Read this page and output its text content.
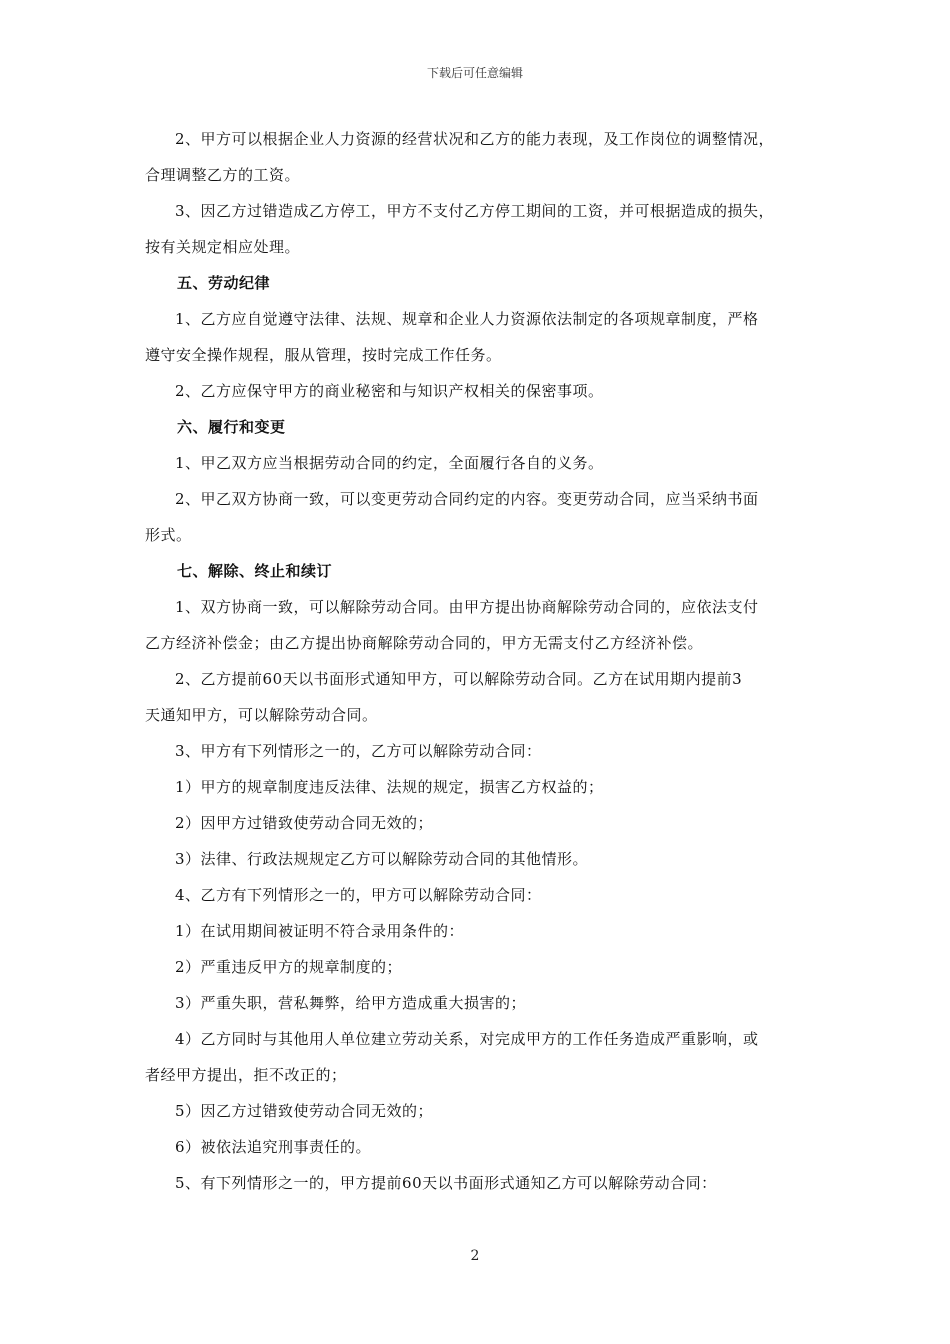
下载后可任意编辑
2、甲方可以根据企业人力资源的经营状况和乙方的能力表现，及工作岗位的调整情况，
合理调整乙方的工资。
3、因乙方过错造成乙方停工，甲方不支付乙方停工期间的工资，并可根据造成的损失，
按有关规定相应处理。
五、劳动纪律
1、乙方应自觉遵守法律、法规、规章和企业人力资源依法制定的各项规章制度，严格
遵守安全操作规程，服从管理，按时完成工作任务。
2、乙方应保守甲方的商业秘密和与知识产权相关的保密事项。
六、履行和变更
1、甲乙双方应当根据劳动合同的约定，全面履行各自的义务。
2、甲乙双方协商一致，可以变更劳动合同约定的内容。变更劳动合同，应当采纳书面
形式。
七、解除、终止和续订
1、双方协商一致，可以解除劳动合同。由甲方提出协商解除劳动合同的，应依法支付
乙方经济补偿金；由乙方提出协商解除劳动合同的，甲方无需支付乙方经济补偿。
2、乙方提前60天以书面形式通知甲方，可以解除劳动合同。乙方在试用期内提前3
天通知甲方，可以解除劳动合同。
3、甲方有下列情形之一的，乙方可以解除劳动合同：
1）甲方的规章制度违反法律、法规的规定，损害乙方权益的；
2）因甲方过错致使劳动合同无效的；
3）法律、行政法规规定乙方可以解除劳动合同的其他情形。
4、乙方有下列情形之一的，甲方可以解除劳动合同：
1）在试用期间被证明不符合录用条件的：
2）严重违反甲方的规章制度的；
3）严重失职，营私舞弊，给甲方造成重大损害的；
4）乙方同时与其他用人单位建立劳动关系，对完成甲方的工作任务造成严重影响，或
者经甲方提出，拒不改正的；
5）因乙方过错致使劳动合同无效的；
6）被依法追究刑事责任的。
5、有下列情形之一的，甲方提前60天以书面形式通知乙方可以解除劳动合同：
2
